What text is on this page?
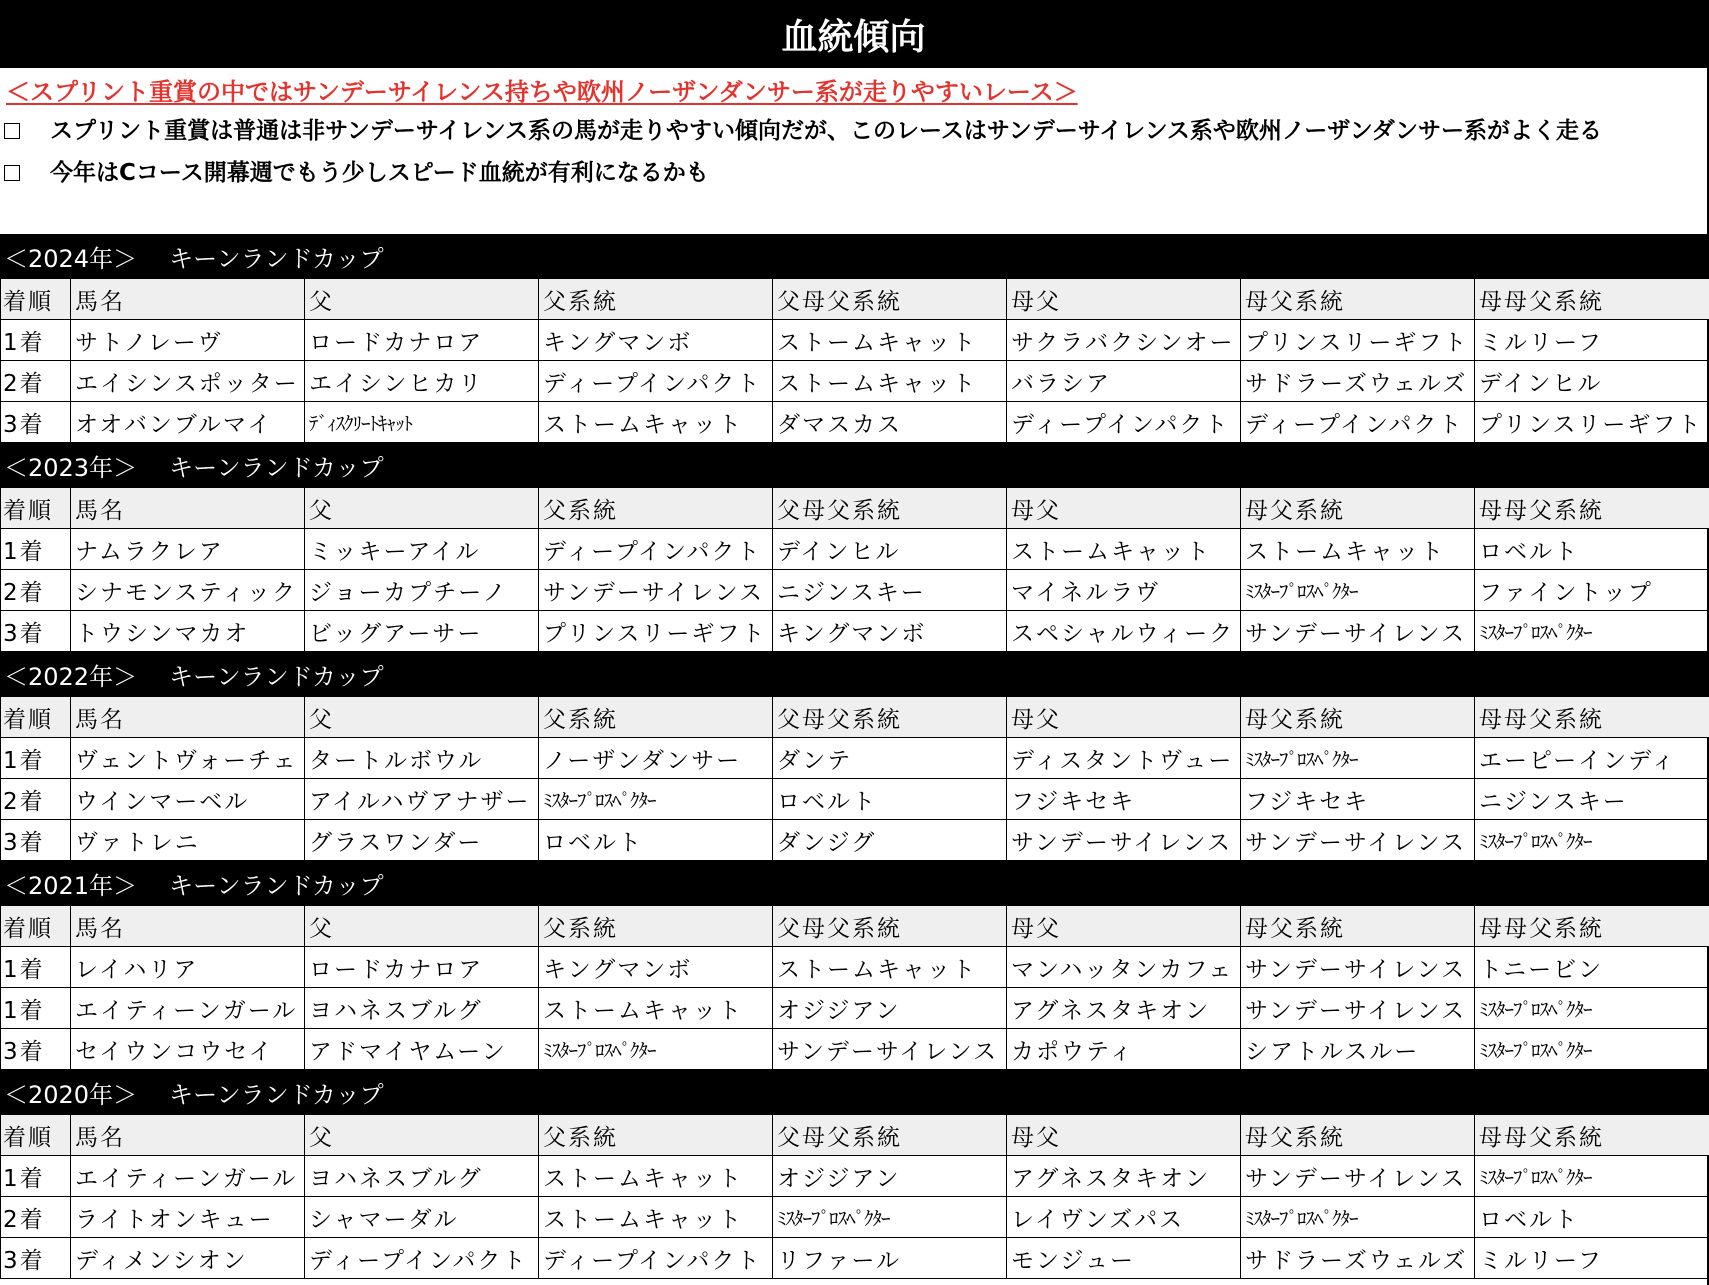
血統傾向
＜スプリント重賞の中ではサンデーサイレンス持ちや欧州ノーザンダンサー系が走りやすいレース＞
スプリント重賞は普通は非サンデーサイレンス系の馬が走りやすい傾向だが、このレースはサンデーサイレンス系や欧州ノーザンダンサー系がよく走る
今年はCコース開幕週でもう少しスピード血統が有利になるかも
＜2024年＞ キーンランドカップ
着順	馬名	父	父系統	父母父系統	母父	母父系統	母母父系統
1着	サトノレーヴ	ロードカナロア	キングマンボ	ストームキャット	サクラバクシンオー	プリンスリーギフト	ミルリーフ
2着	エイシンスポッター	エイシンヒカリ	ディープインパクト	ストームキャット	バラシア	サドラーズウェルズ	デインヒル
3着	オオバンブルマイ	ﾃﾞｨｽｸﾘｰﾄｷｬｯﾄ	ストームキャット	ダマスカス	ディープインパクト	ディープインパクト	プリンスリーギフト
＜2023年＞ キーンランドカップ
着順	馬名	父	父系統	父母父系統	母父	母父系統	母母父系統
1着	ナムラクレア	ミッキーアイル	ディープインパクト	デインヒル	ストームキャット	ストームキャット	ロベルト
2着	シナモンスティック	ジョーカプチーノ	サンデーサイレンス	ニジンスキー	マイネルラヴ	ﾐｽﾀｰﾌﾟﾛｽﾍﾟｸﾀｰ	ファイントップ
3着	トウシンマカオ	ビッグアーサー	プリンスリーギフト	キングマンボ	スペシャルウィーク	サンデーサイレンス	ﾐｽﾀｰﾌﾟﾛｽﾍﾟｸﾀｰ
＜2022年＞ キーンランドカップ
着順	馬名	父	父系統	父母父系統	母父	母父系統	母母父系統
1着	ヴェントヴォーチェ	タートルボウル	ノーザンダンサー	ダンテ	ディスタントヴュー	ﾐｽﾀｰﾌﾟﾛｽﾍﾟｸﾀｰ	エーピーインディ
2着	ウインマーベル	アイルハヴアナザー	ﾐｽﾀｰﾌﾟﾛｽﾍﾟｸﾀｰ	ロベルト	フジキセキ	フジキセキ	ニジンスキー
3着	ヴァトレニ	グラスワンダー	ロベルト	ダンジグ	サンデーサイレンス	サンデーサイレンス	ﾐｽﾀｰﾌﾟﾛｽﾍﾟｸﾀｰ
＜2021年＞ キーンランドカップ
着順	馬名	父	父系統	父母父系統	母父	母父系統	母母父系統
1着	レイハリア	ロードカナロア	キングマンボ	ストームキャット	マンハッタンカフェ	サンデーサイレンス	トニービン
1着	エイティーンガール	ヨハネスブルグ	ストームキャット	オジジアン	アグネスタキオン	サンデーサイレンス	ﾐｽﾀｰﾌﾟﾛｽﾍﾟｸﾀｰ
3着	セイウンコウセイ	アドマイヤムーン	ﾐｽﾀｰﾌﾟﾛｽﾍﾟｸﾀｰ	サンデーサイレンス	カポウティ	シアトルスルー	ﾐｽﾀｰﾌﾟﾛｽﾍﾟｸﾀｰ
＜2020年＞ キーンランドカップ
着順	馬名	父	父系統	父母父系統	母父	母父系統	母母父系統
1着	エイティーンガール	ヨハネスブルグ	ストームキャット	オジジアン	アグネスタキオン	サンデーサイレンス	ﾐｽﾀｰﾌﾟﾛｽﾍﾟｸﾀｰ
2着	ライトオンキュー	シャマーダル	ストームキャット	ﾐｽﾀｰﾌﾟﾛｽﾍﾟｸﾀｰ	レイヴンズパス	ﾐｽﾀｰﾌﾟﾛｽﾍﾟｸﾀｰ	ロベルト
3着	ディメンシオン	ディープインパクト	ディープインパクト	リファール	モンジュー	サドラーズウェルズ	ミルリーフ
